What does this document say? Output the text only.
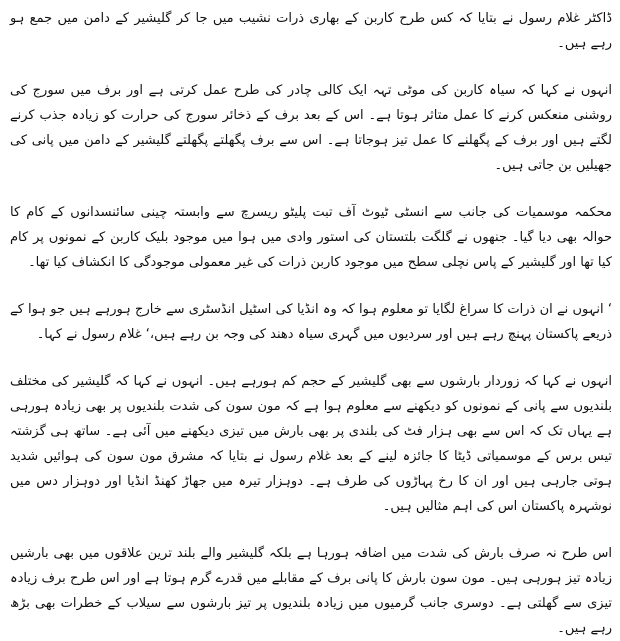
ڈاکٹر غلام رسول نے بتایا کہ کس طرح کاربن کے بھاری ذرات نشیب میں جا کر گلیشیر کے دامن میں جمع ہو رہے ہیں۔

انہوں نے کہا کہ سیاہ کاربن کی موٹی تہہ ایک کالی چادر کی طرح عمل کرتی ہے اور برف میں سورج کی روشنی منعکس کرنے کا عمل متاثر ہوتا ہے۔ اس کے بعد برف کے ذخائر سورج کی حرارت کو زیادہ جذب کرنے لگتے ہیں اور برف کے پگھلنے کا عمل تیز ہوجاتا ہے۔ اس سے برف پگھلتے پگھلتے گلیشیر کے دامن میں پانی کی جھیلیں بن جاتی ہیں۔

محکمہ موسمیات کی جانب سے انسٹی ٹیوٹ آف تبت پلیٹو ریسرچ سے وابستہ چینی سائنسدانوں کے کام کا حوالہ بھی دیا گیا۔ جنھوں نے گلگت بلتستان کی استور وادی میں ہوا میں موجود بلیک کاربن کے نمونوں پر کام کیا تھا اور گلیشیر کے پاس نچلی سطح میں موجود کاربن ذرات کی غیر معمولی موجودگی کا انکشاف کیا تھا۔

‘ انہوں نے ان ذرات کا سراغ لگایا تو معلوم ہوا کہ وہ انڈیا کی اسٹیل انڈسٹری سے خارج ہورہے ہیں جو ہوا کے ذریعے پاکستان پہنچ رہے ہیں اور سردیوں میں گہری سیاہ دھند کی وجہ بن رہے ہیں،‘ غلام رسول نے کہا۔

انہوں نے کہا کہ زوردار بارشوں سے بھی گلیشیر کے حجم کم ہورہے ہیں۔ انہوں نے کہا کہ گلیشیر کی مختلف بلندیوں سے پانی کے نمونوں کو دیکھنے سے معلوم ہوا ہے کہ مون سون کی شدت بلندیوں پر بھی زیادہ ہورہی ہے یہاں تک کہ اس سے بھی ہزار فٹ کی بلندی پر بھی بارش میں تیزی دیکھنے میں آئی ہے۔ ساتھ ہی گزشتہ تیس برس کے موسمیاتی ڈیٹا کا جائزہ لینے کے بعد غلام رسول نے بتایا کہ مشرق مون سون کی ہوائیں شدید ہوتی جارہی ہیں اور ان کا رخ پہاڑوں کی طرف ہے۔ دوہزار تیرہ میں جھاڑ کھنڈ انڈیا اور دوہزار دس میں نوشہرہ پاکستان اس کی اہم مثالیں ہیں۔

اس طرح نہ صرف بارش کی شدت میں اضافہ ہورہا ہے بلکہ گلیشیر والے بلند ترین علاقوں میں بھی بارشیں زیادہ تیز ہورہی ہیں۔ مون سون بارش کا پانی برف کے مقابلے میں قدرے گرم ہوتا ہے اور اس طرح برف زیادہ تیزی سے گھلتی ہے۔ دوسری جانب گرمیوں میں زیادہ بلندیوں پر تیز بارشوں سے سیلاب کے خطرات بھی بڑھ رہے ہیں۔
